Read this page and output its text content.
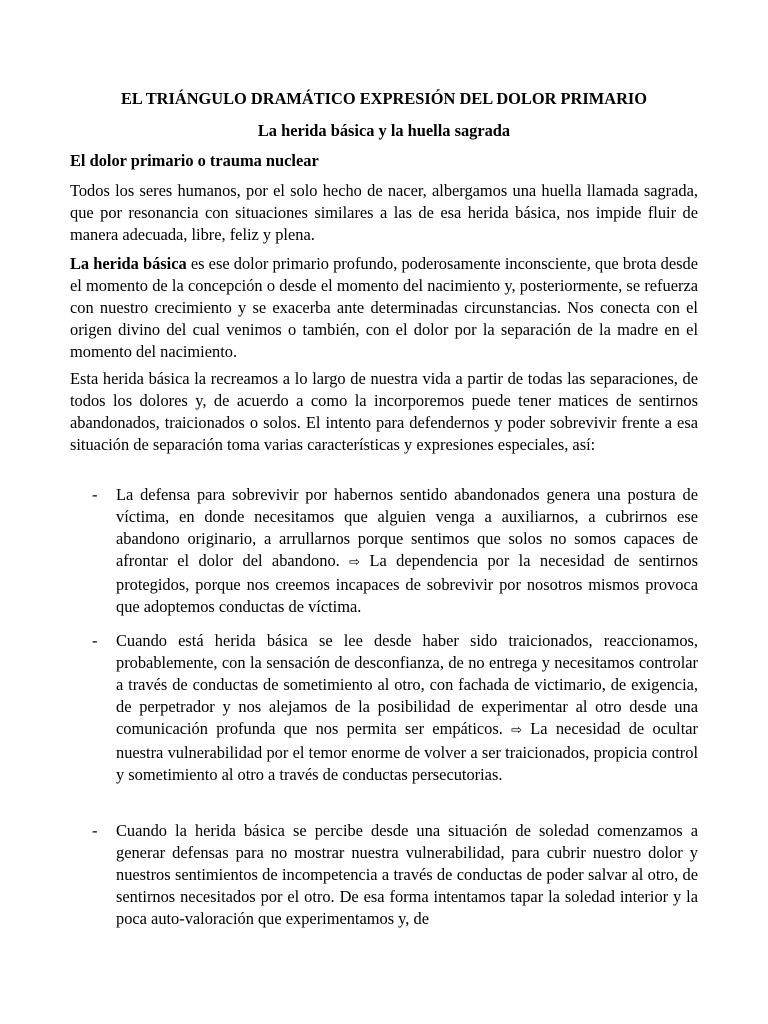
EL TRIÁNGULO DRAMÁTICO EXPRESIÓN DEL DOLOR PRIMARIO
La herida básica y la huella sagrada
El dolor primario o trauma nuclear

Todos los seres humanos, por el solo hecho de nacer, albergamos una huella llamada sagrada, que por resonancia con situaciones similares a las de esa herida básica, nos impide fluir de manera adecuada, libre, feliz y plena.

La herida básica es ese dolor primario profundo, poderosamente inconsciente, que brota desde el momento de la concepción o desde el momento del nacimiento y, posteriormente, se refuerza con nuestro crecimiento y se exacerba ante determinadas circunstancias. Nos conecta con el origen divino del cual venimos o también, con el dolor por la separación de la madre en el momento del nacimiento.

Esta herida básica la recreamos a lo largo de nuestra vida a partir de todas las separaciones, de todos los dolores y, de acuerdo a como la incorporemos puede tener matices de sentirnos abandonados, traicionados o solos. El intento para defendernos y poder sobrevivir frente a esa situación de separación toma varias características y expresiones especiales, así:

- La defensa para sobrevivir por habernos sentido abandonados genera una postura de víctima, en donde necesitamos que alguien venga a auxiliarnos, a cubrirnos ese abandono originario, a arrullarnos porque sentimos que solos no somos capaces de afrontar el dolor del abandono. ⇨ La dependencia por la necesidad de sentirnos protegidos, porque nos creemos incapaces de sobrevivir por nosotros mismos provoca que adoptemos conductas de víctima.

- Cuando está herida básica se lee desde haber sido traicionados, reaccionamos, probablemente, con la sensación de desconfianza, de no entrega y necesitamos controlar a través de conductas de sometimiento al otro, con fachada de victimario, de exigencia, de perpetrador y nos alejamos de la posibilidad de experimentar al otro desde una comunicación profunda que nos permita ser empáticos. ⇨ La necesidad de ocultar nuestra vulnerabilidad por el temor enorme de volver a ser traicionados, propicia control y sometimiento al otro a través de conductas persecutorias.

- Cuando la herida básica se percibe desde una situación de soledad comenzamos a generar defensas para no mostrar nuestra vulnerabilidad, para cubrir nuestro dolor y nuestros sentimientos de incompetencia a través de conductas de poder salvar al otro, de sentirnos necesitados por el otro. De esa forma intentamos tapar la soledad interior y la poca auto-valoración que experimentamos y, de
